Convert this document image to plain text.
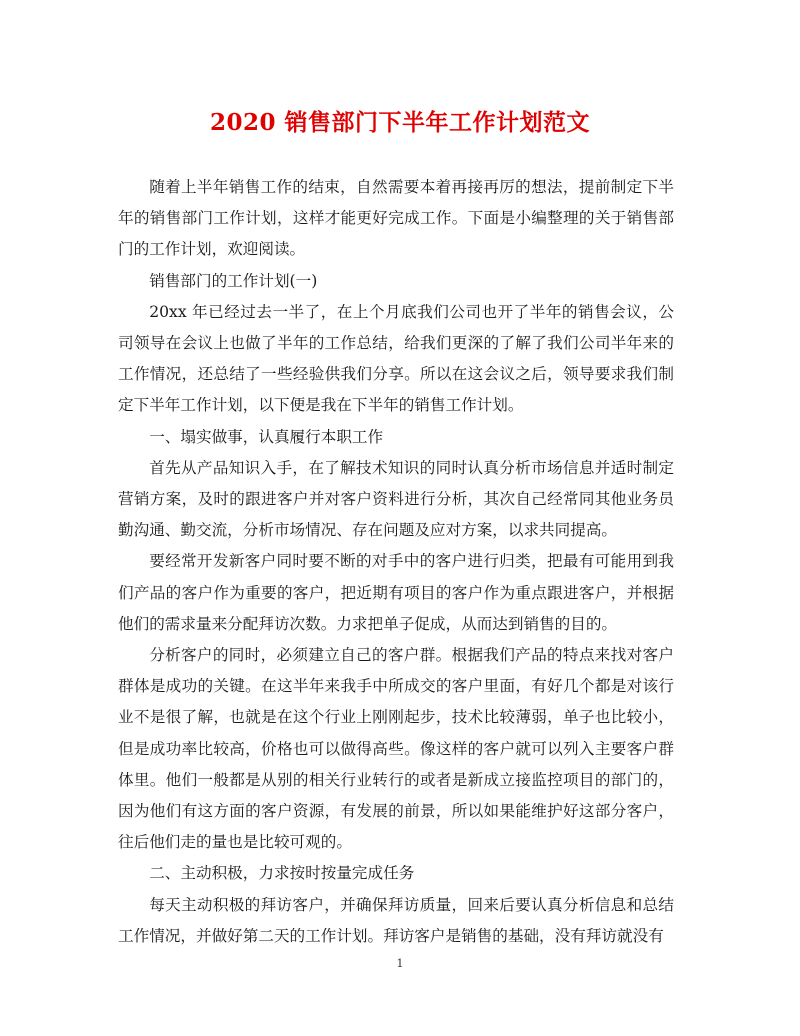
2020 销售部门下半年工作计划范文

随着上半年销售工作的结束，自然需要本着再接再厉的想法，提前制定下半年的销售部门工作计划，这样才能更好完成工作。下面是小编整理的关于销售部门的工作计划，欢迎阅读。

销售部门的工作计划(一)

20xx 年已经过去一半了，在上个月底我们公司也开了半年的销售会议，公司领导在会议上也做了半年的工作总结，给我们更深的了解了我们公司半年来的工作情况，还总结了一些经验供我们分享。所以在这会议之后，领导要求我们制定下半年工作计划，以下便是我在下半年的销售工作计划。

一、塌实做事，认真履行本职工作

首先从产品知识入手，在了解技术知识的同时认真分析市场信息并适时制定营销方案，及时的跟进客户并对客户资料进行分析，其次自己经常同其他业务员勤沟通、勤交流，分析市场情况、存在问题及应对方案，以求共同提高。

要经常开发新客户同时要不断的对手中的客户进行归类，把最有可能用到我们产品的客户作为重要的客户，把近期有项目的客户作为重点跟进客户，并根据他们的需求量来分配拜访次数。力求把单子促成，从而达到销售的目的。

分析客户的同时，必须建立自己的客户群。根据我们产品的特点来找对客户群体是成功的关键。在这半年来我手中所成交的客户里面，有好几个都是对该行业不是很了解，也就是在这个行业上刚刚起步，技术比较薄弱，单子也比较小，但是成功率比较高，价格也可以做得高些。像这样的客户就可以列入主要客户群体里。他们一般都是从别的相关行业转行的或者是新成立接监控项目的部门的，因为他们有这方面的客户资源，有发展的前景，所以如果能维护好这部分客户，往后他们走的量也是比较可观的。

二、主动积极，力求按时按量完成任务

每天主动积极的拜访客户，并确保拜访质量，回来后要认真分析信息和总结工作情况，并做好第二天的工作计划。拜访客户是销售的基础，没有拜访就没有

1
